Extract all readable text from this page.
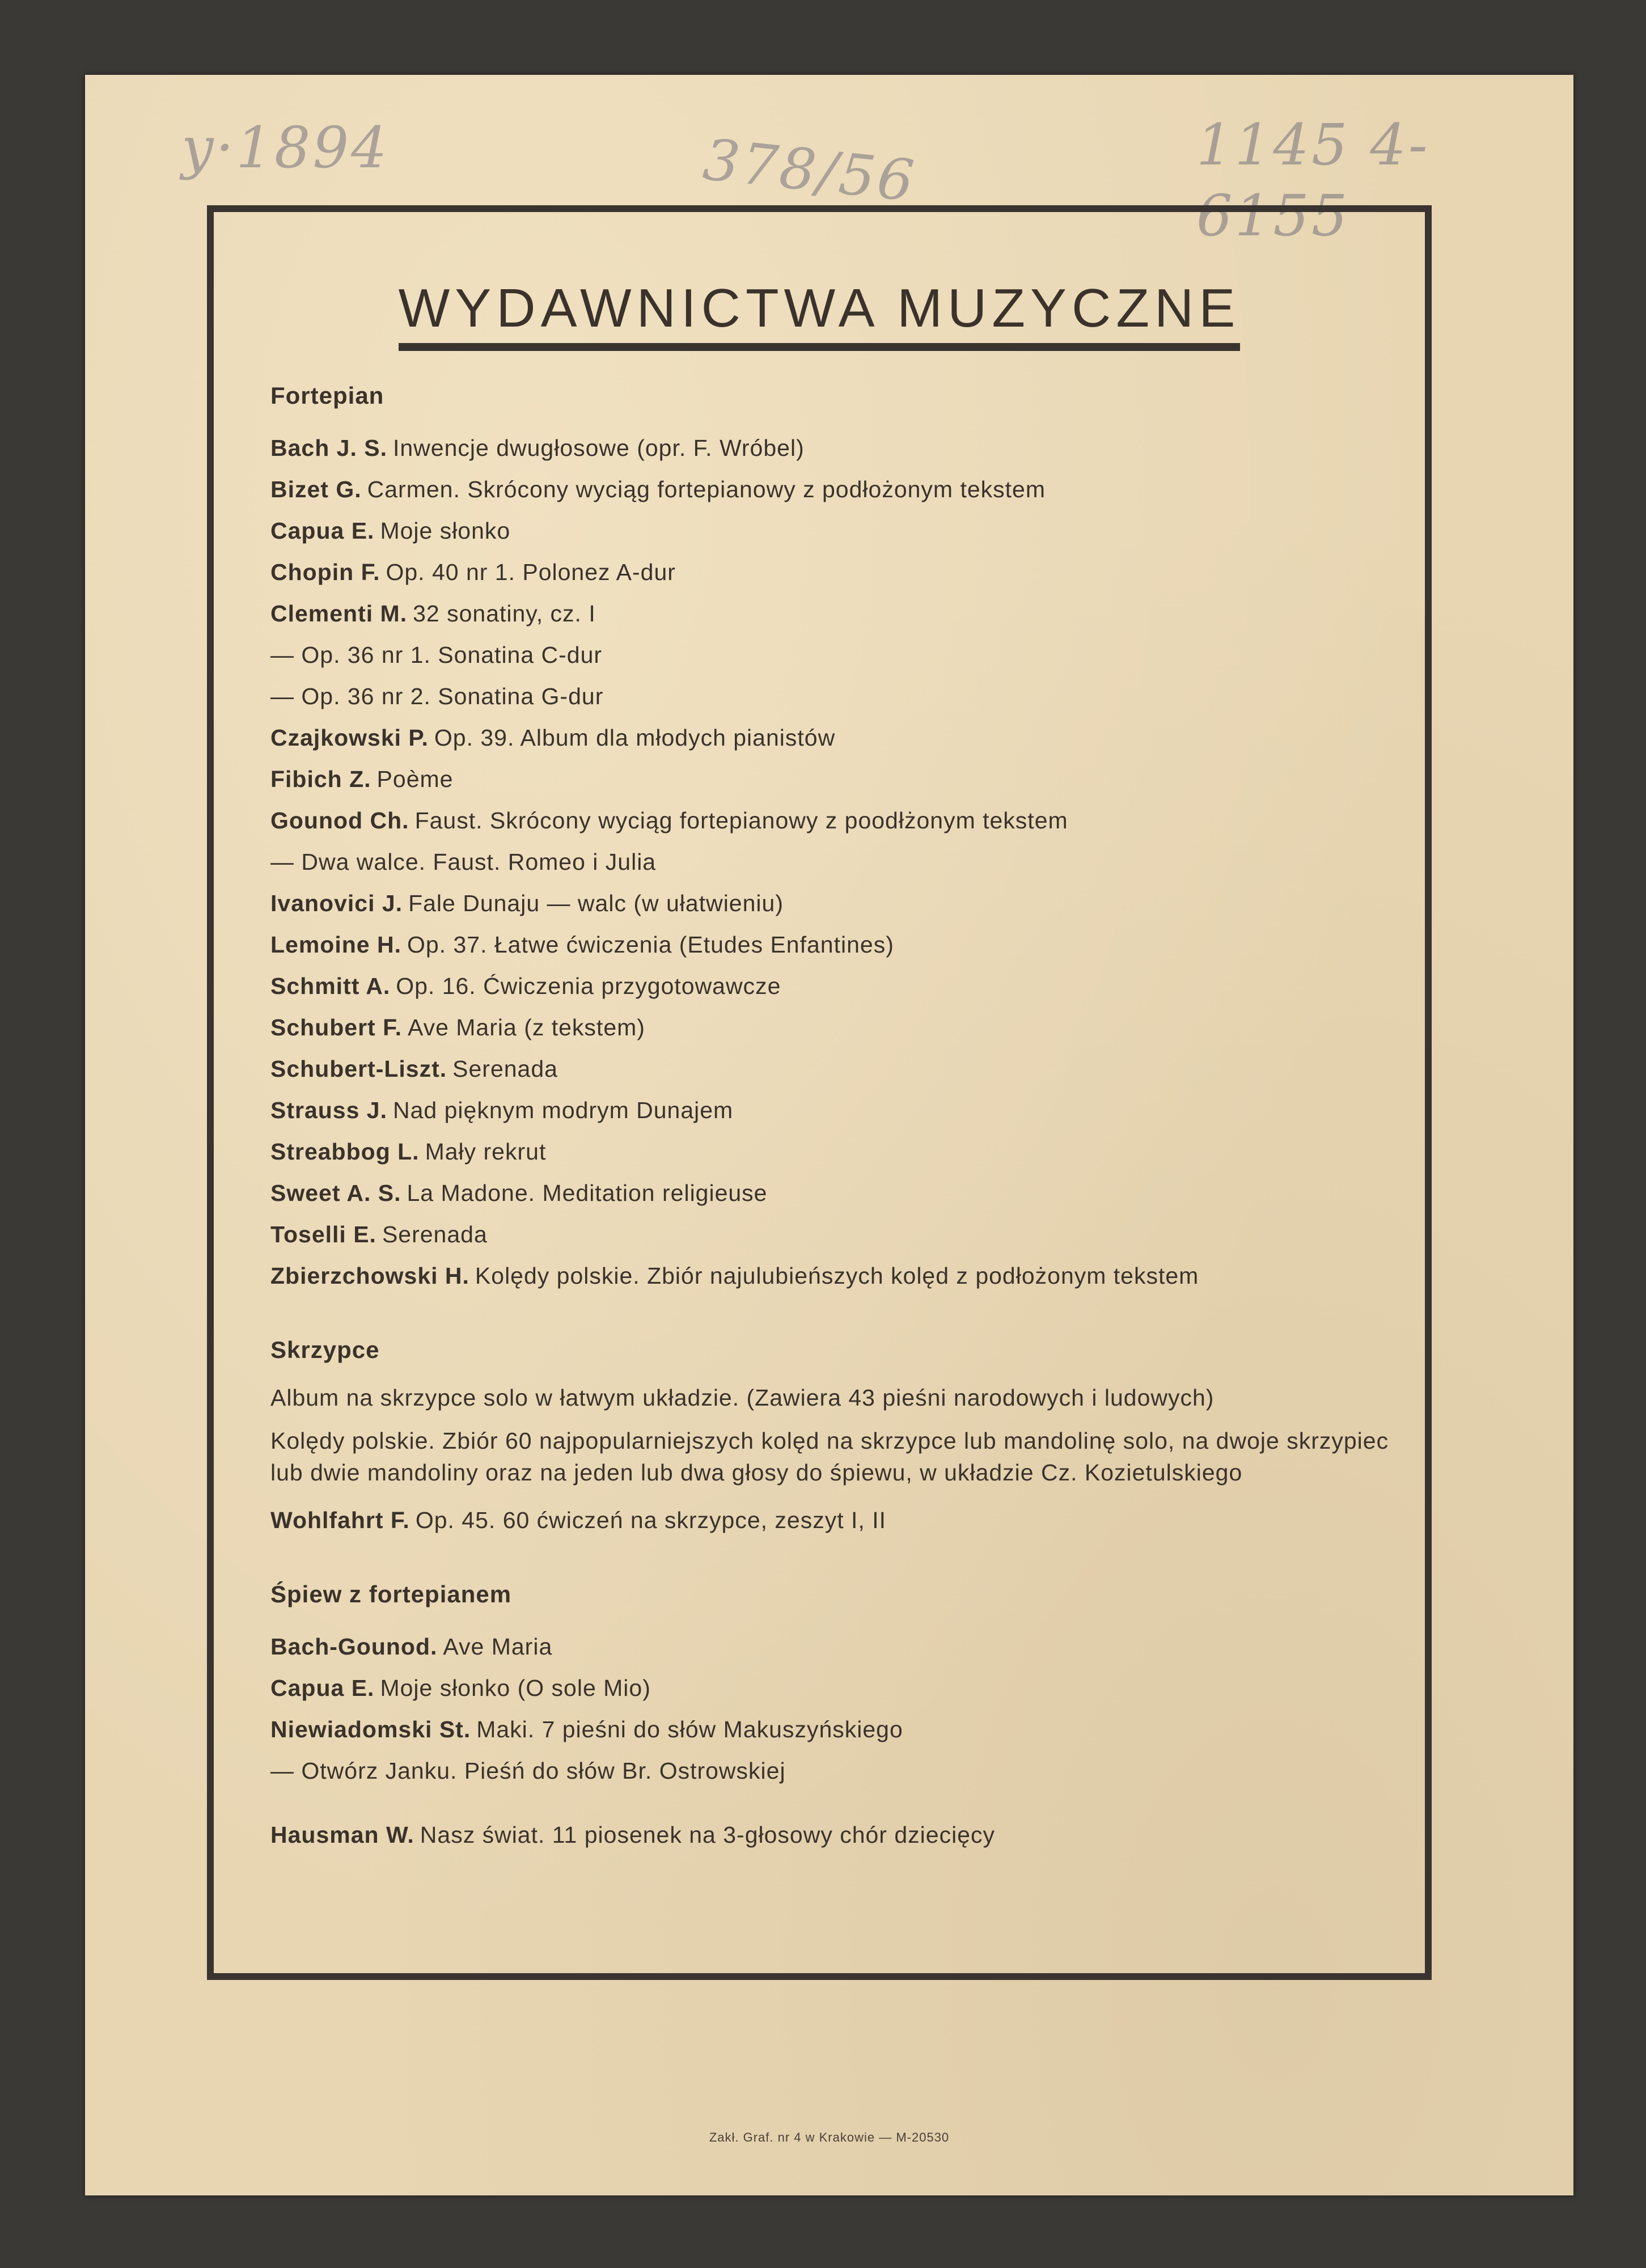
y·1894	378/56	1145 4-
6155
WYDAWNICTWA MUZYCZNE
Fortepian
Bach J. S. Inwencje dwugłosowe (opr. F. Wróbel)
Bizet G. Carmen. Skrócony wyciąg fortepianowy z podłożonym tekstem
Capua E. Moje słonko
Chopin F. Op. 40 nr 1. Polonez A-dur
Clementi M. 32 sonatiny, cz. I
— Op. 36 nr 1. Sonatina C-dur
— Op. 36 nr 2. Sonatina G-dur
Czajkowski P. Op. 39. Album dla młodych pianistów
Fibich Z. Poème
Gounod Ch. Faust. Skrócony wyciąg fortepianowy z poodłżonym tekstem
— Dwa walce. Faust. Romeo i Julia
Ivanovici J. Fale Dunaju — walc (w ułatwieniu)
Lemoine H. Op. 37. Łatwe ćwiczenia (Etudes Enfantines)
Schmitt A. Op. 16. Ćwiczenia przygotowawcze
Schubert F. Ave Maria (z tekstem)
Schubert-Liszt. Serenada
Strauss J. Nad pięknym modrym Dunajem
Streabbog L. Mały rekrut
Sweet A. S. La Madone. Meditation religieuse
Toselli E. Serenada
Zbierzchowski H. Kolędy polskie. Zbiór najulubieńszych kolęd z podłożonym tekstem
Skrzypce
Album na skrzypce solo w łatwym układzie. (Zawiera 43 pieśni narodowych i ludowych)
Kolędy polskie. Zbiór 60 najpopularniejszych kolęd na skrzypce lub mandolinę solo, na dwoje skrzypiec lub dwie mandoliny oraz na jeden lub dwa głosy do śpiewu, w układzie Cz. Kozietulskiego
Wohlfahrt F. Op. 45. 60 ćwiczeń na skrzypce, zeszyt I, II
Śpiew z fortepianem
Bach-Gounod. Ave Maria
Capua E. Moje słonko (O sole Mio)
Niewiadomski St. Maki. 7 pieśni do słów Makuszyńskiego
— Otwórz Janku. Pieśń do słów Br. Ostrowskiej
Hausman W. Nasz świat. 11 piosenek na 3-głosowy chór dziecięcy
Zakł. Graf. nr 4 w Krakowie — M-20530
